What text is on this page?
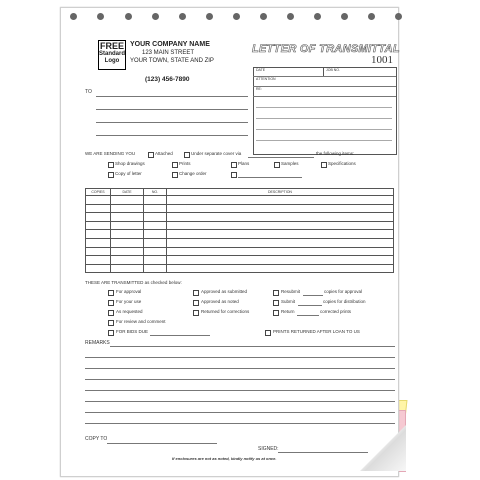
FREE
Standard
Logo
YOUR COMPANY NAME
123 MAIN STREET
YOUR TOWN, STATE AND ZIP
(123) 456-7890
LETTER OF TRANSMITTAL
1001
DATE	JOB NO.
ATTENTION
RE:
TO
WE ARE SENDING YOU	Attached	Under separate cover via	the following items:
Shop drawings	Prints	Plans	Samples	Specifications
Copy of letter	Change order
COPIES	DATE	NO.	DESCRIPTION

THESE ARE TRANSMITTED as checked below:
For approval
For your use
As requested
For review and comment
FOR BIDS DUE
Approved as submitted
Approved as noted
Returned for corrections
Resubmit	copies for approval
Submit	copies for distribution
Return	corrected prints
PRINTS RETURNED AFTER LOAN TO US
REMARKS
COPY TO
SIGNED:
If enclosures are not as noted, kindly notify us at once.
